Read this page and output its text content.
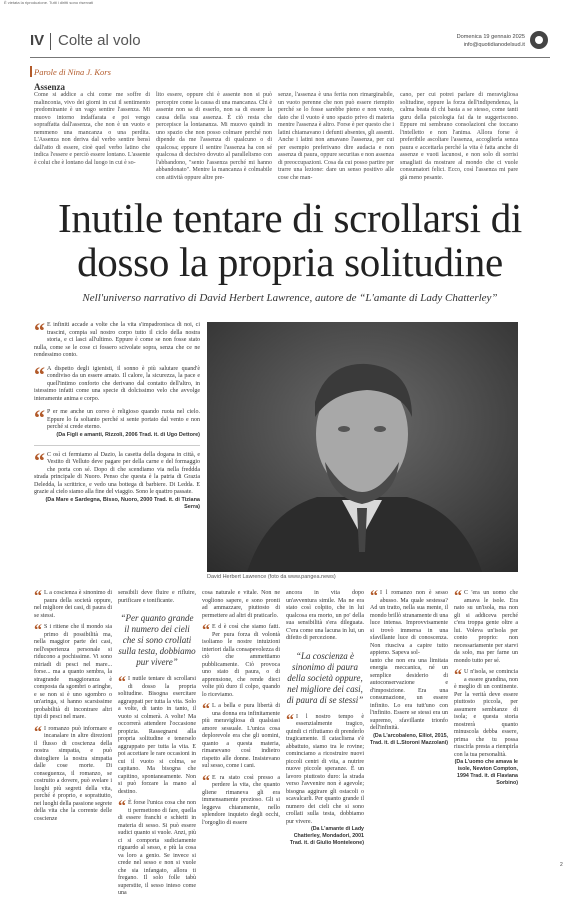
È vietata la riproduzione. Tutti i diritti sono riservati
IV Colte al volo	Domenica 19 gennaio 2025
info@quotidianodelsud.it
Parole di Nina J. Kors
Assenza
Come si addice a chi come me soffre di malinconia, vivo dei giorni in cui il sentimento predominante è un vago sentire l'assenza. Mi muovo intorno indaffarata e poi vengo sopraffatta dall'assenza, che non è un vuoto e nemmeno una mancanza o una perdita. L'Assenza non deriva dal verbo sentire bensì dall'atto di essere, cioè quel verbo latino che indica l'essere e perciò essere lontano. L'assente è colui che è lontano dal luogo in cui è so-
lito essere, oppure chi è assente non si può percepire come la causa di una mancanza. Chi è assente non sa di esserlo, non sa di essere la causa della sua assenza. È ciò resta che percepisce la lontananza. Mi muovo quindi in uno spazio che non posso colmare perché non dipende da me l'assenza di qualcuno o di qualcosa; eppure il sentire l'assenza ha con sé qualcosa di decisivo dovuto al parallelismo con l'abbandono, "sento l'assenza perché mi hanno abbandonato". Mentre la mancanza è colmabile con attività oppure altre pre-
senze, l'assenza è una ferita non rimarginabile, un vuoto perenne che non può essere riempito perché se lo fosse sarebbe pieno e non vuoto, dato che il vuoto è uno spazio privo di materia mentre l'assenza è altro. Forse è per questo che i latini chiamavano i defunti absentes, gli assenti. Anche i latini non amavano l'assenza, per cui per esempio preferivano dire audacia e non assenza di paura, oppure securitas e non assenza di preoccupazioni. Cosa da cui posso partire per trarre una lezione: dare un senso positivo alle cose che man-
cano, per cui potrei parlare di meravigliosa solitudine, oppure la forza dell'indipendenza, la calma beata di chi basta a se stesso, come tanti guru della psicologia fai da te suggeriscono. Eppure mi sembrano consolazioni che toccano l'intelletto e non l'anima. Allora forse è preferibile ascoltare l'assenza, accoglierla senza paura e accettarla perché la vita è fatta anche di assenze e vuoti lacunosi, e non solo di sorrisi smagliati da mostrare al mondo che ci vuole consumatori felici. Ecco, così l'assenza mi pare già meno pesante.
Inutile tentare di scrollarsi di dosso la propria solitudine
Nell'universo narrativo di David Herbert Lawrence, autore de “L'amante di Lady Chatterley”
“ E infiniti accade a volte che la vita s'impadronisca di noi, ci trascini, compia sul nostro corpo tutto il ciclo della nostra storia, e ci lasci all'ultimo. Eppure è come se non fosse stato nulla, come se le cose ci fossero scivolate sopra, senza che ce ne rendessimo conto.
“ A dispetto degli igienisti, il sonno è più salutare quand'è condiviso da un essere amato. Il calore, la sicurezza, la pace e quell'intimo conforto che derivano dal contatto dell'altro, in istessimo infatti come una specie di dolcissimo velo che avvolge interamente anima e corpo.
“ P er me anche un corvo è religioso quando ruota nel cielo. Eppure lo fa soltanto perché si sente portato dal vento e non perché si crede eterno.
(Da Figli e amanti, Rizzoli, 2006 Trad. it. di Ugo Dettore)
“ C osì ci fermiamo al Dazio, la casetta della dogana in città, e Vestito di Velluto deve pagare per della carne e del formaggio che porta con sé. Dopo di che scendiamo via nella freddda strada principale di Nuoro. Penso che questa è la patria di Grazia Deledda, la scrittrice, e vedo una bottega di barbiere. Di Ledda. E grazie al cielo siamo alla fine del viaggio. Sono le quattro passate.
(Da Mare e Sardegna, Bisso, Nuoro, 2000 Trad. it. di Tiziana Serra)
David Herbert Lawrence (foto da www.pangea.news)
“ L a coscienza è sinonimo di paura della società oppure, nel migliore dei casi, di paura di se stessi.
“ S i ritiene che il mondo sia primo di possibilità ma, nella maggior parte dei casi, nell'esperienza personale si riducono a pochissime. Vi sono miriadi di pesci nel mare... forse... ma a quanto sembra, la stragrande maggioranza è composta da sgombri o aringhe, e se non si è uno sgombro o un'aringa, si hanno scarsissime probabilità di incontrare altri tipi di pesci nel mare.
“ I romanzo può informare e incanalare in altre direzioni il flusso di coscienza della nostra simpatia, e può distogliere la nostra simpatia dalle cose morte. Di conseguenza, il romanzo, se costruito a dovere, può svelare i luoghi più segreti della vita, perché è proprio, e soprattutto, nei luoghi della passione segrete della vita che la corrente delle coscienze
sensibili deve fluire e rifluire, purificare e tonificante.
“Per quanto grande il numero dei cieli che si sono crollati sulla testa, dobbiamo pur vivere”
“ I nutile tentare di scrollarsi di dosso la propria solitudine. Bisogna esercitare aggrappati per tutta la vita. Solo a volte, di tanto in tanto, il vuoto si colmerà. A volte! Ma occorrerà attendere l'occasione propizia. Rassegnarsi alla propria solitudine e tenerselo aggrappato per tutta la vita. E poi accettare le rare occasioni in cui il vuoto si colma, se capitano. Ma bisogna che capitino, spontaneamente. Non si può forzare la mano al destino.
“ È forse l'unica cosa che non ti permettono di fare, quella di essere franchi e schietti in materia di sesso. Si può essere sudici quanto si vuole. Anzi, più ci si comporta sudiciamente riguardo al sesso, e più la cosa va loro a genio. Se invece si crede nel sesso e non si vuole che sia infangato, allora ti fregano. Il solo folle tabù superstite, il sesso inteso come una
cosa naturale e vitale. Non ne vogliono sapere, e sono pronti ad ammazzare, piuttosto di permettere ad altri di praticarlo.
“ E d è così che siamo fatti. Per pura forza di volontà isoliamo le nostre intuizioni interiori dalla consapevolezza di ciò che ammettiamo pubblicamente. Ciò provoca uno stato di paura, o di apprensione, che rende dieci volte più duro il colpo, quando lo riceviamo.
“ L a bella e pura libertà di una donna era infinitamente più meravigliosa di qualsiasi amore sessuale. L'unica cosa deplorevole era che gli uomini, quanto a questa materia, rimanevano così indietro rispetto alle donne. Insistevano sul sesso, come i cani.
“ E ra stato così presso a perdere la vita, che quanto gliene rimaneva gli era immensamente prezioso. Gli si leggeva chiaramente, nello splendore inquieto degli occhi, l'orgoglio di essere
ancora in vita dopo un'avventura simile. Ma ne era stato così colpito, che in lui qualcosa era morto, un po' della sua sensibilità s'era dileguata. C'era come una lacuna in lui, un difetto di percezione.
“La coscienza è sinonimo di paura della società oppure, nel migliore dei casi, di paura di se stessi”
“ I l nostro tempo è essenzialmente tragico, quindi ci rifiutiamo di prenderlo tragicamente. Il cataclisma s'è abbattuto, siamo tra le rovine; cominciamo a ricostruire nuovi piccoli centri di vita, a nutrire nuove piccole speranze. È un lavoro piuttosto duro: la strada verso l'avvenire non è agevole; bisogna aggirare gli ostacoli o scavalcarli. Per quanto grande il numero dei cieli che si sono crollati sulla testa, dobbiamo pur vivere.
(Da L'amante di Lady Chatterley, Mondadori, 2001 Trad. it. di Giulio Monteleone)
“ I l romanzo non è sesso abusso. Ma quale sestessa? Ad un tratto, nella sua mente, il mondo brillò stranamente di una luce intensa. Improvvisamente si trovò immersa in una sfavillante luce di conoscenza. Non riusciva a capire tutto appieno. Sapeva sol-
tanto che non era una limitata energia meccanica, né un semplice desiderio di autoconservazione e d'imposizione. Era una consumazione, un essere infinito. Lo era tutt'uno con l'infinito. Essere se stessi era un supremo, sfavillante trionfo dell'infinità.
(Da L'arcobaleno, Elliot, 2015, Trad. it. di L.Storoni Mazzolani)
“ C 'era un uomo che amava le isole. Era nato su un'isola, ma non gli si addiceva perché c'era troppa gente oltre a lui. Voleva un'isola per conto proprio: non necessariamente per starvi da solo, ma per farne un mondo tutto per sé.
“ U n'isola, se comincia a essere grandina, non è meglio di un continente. Per la verità deve essere piuttosto piccola, per assumere sembianze di isola; e questa storia mostrerà quanto minuscola debba essere, prima che tu possa riuscirla presta a riempirla con la tua personalità.
(Da L'uomo che amava le isole, Newton Compton, 1994 Trad. it. di Flaviana Sorbino)
2
